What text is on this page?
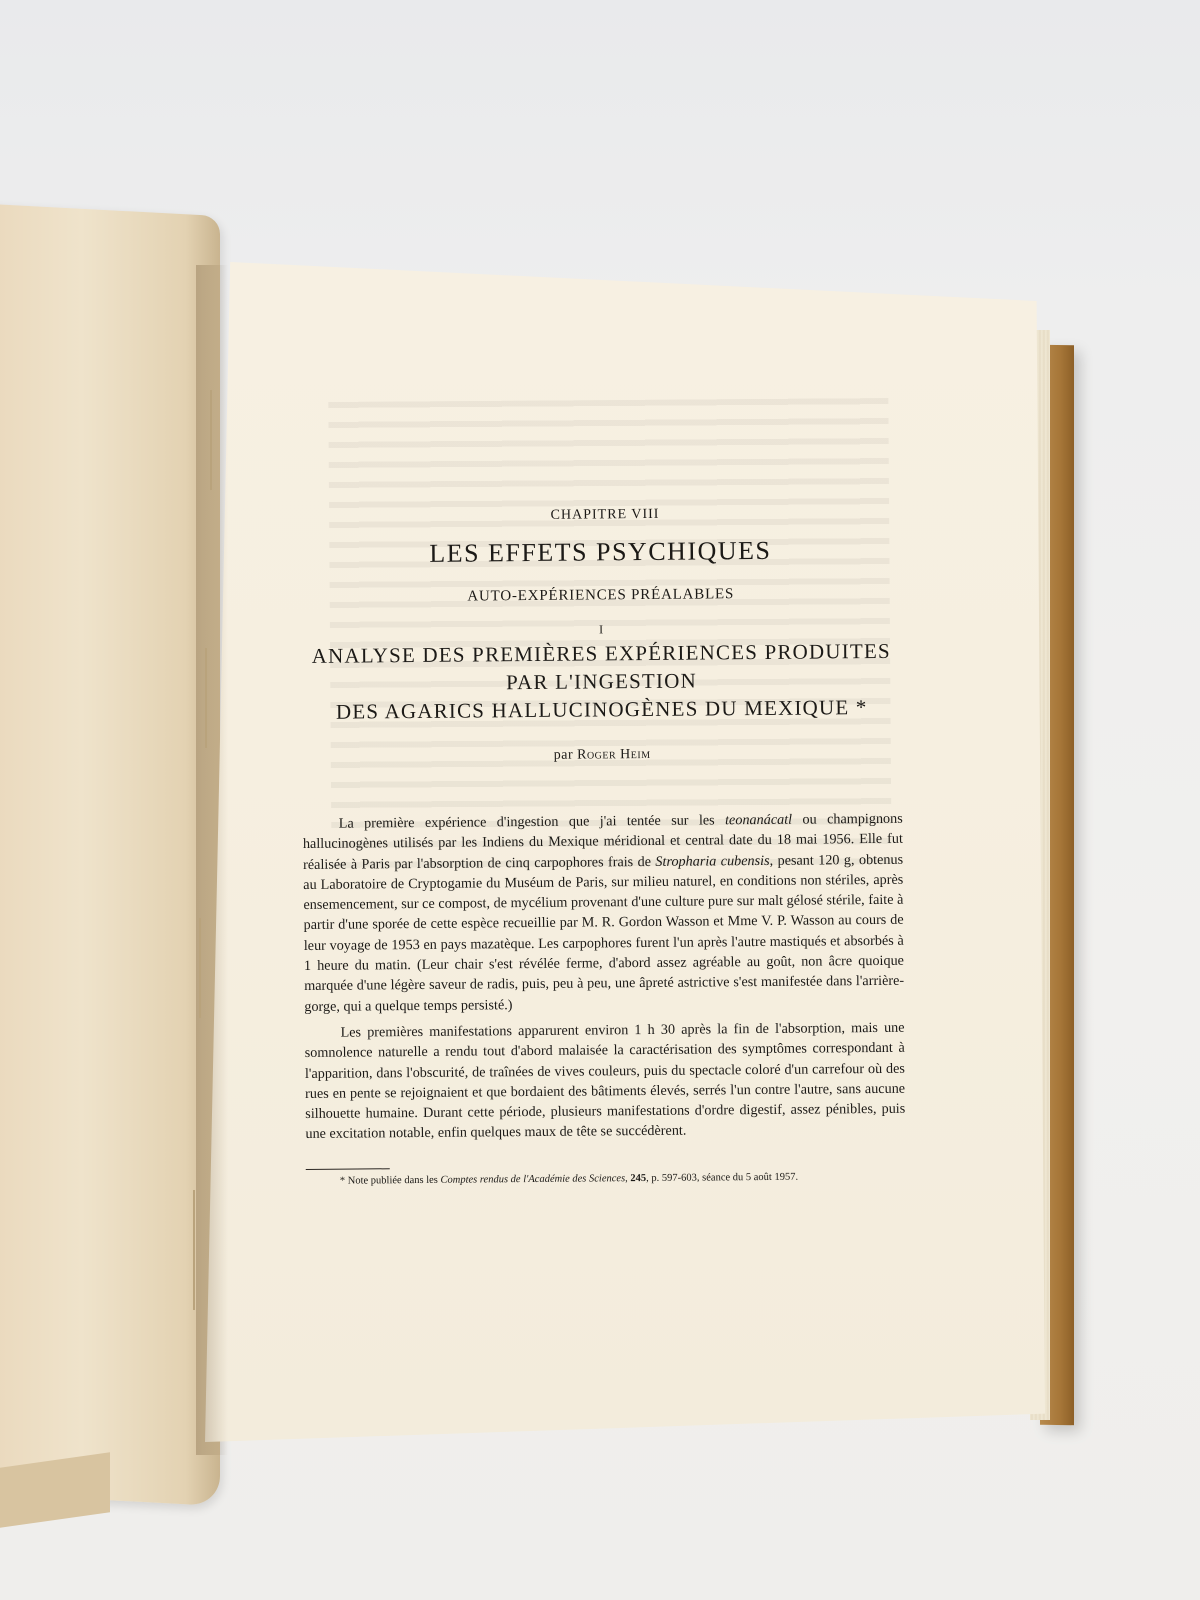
CHAPITRE VIII
LES EFFETS PSYCHIQUES
AUTO-EXPÉRIENCES PRÉALABLES
I
ANALYSE DES PREMIÈRES EXPÉRIENCES PRODUITES
PAR L'INGESTION
DES AGARICS HALLUCINOGÈNES DU MEXIQUE *
par Roger Heim

La première expérience d'ingestion que j'ai tentée sur les teonanácatl ou champignons hallucinogènes utilisés par les Indiens du Mexique méridional et central date du 18 mai 1956. Elle fut réalisée à Paris par l'absorption de cinq carpophores frais de Stropharia cubensis, pesant 120 g, obtenus au Laboratoire de Cryptogamie du Muséum de Paris, sur milieu naturel, en conditions non stériles, après ensemencement, sur ce compost, de mycélium provenant d'une culture pure sur malt gélosé stérile, faite à partir d'une sporée de cette espèce recueillie par M. R. Gordon Wasson et Mme V. P. Wasson au cours de leur voyage de 1953 en pays mazatèque. Les carpophores furent l'un après l'autre mastiqués et absorbés à 1 heure du matin. (Leur chair s'est révélée ferme, d'abord assez agréable au goût, non âcre quoique marquée d'une légère saveur de radis, puis, peu à peu, une âpreté astrictive s'est manifestée dans l'arrière-gorge, qui a quelque temps persisté.)

Les premières manifestations apparurent environ 1 h 30 après la fin de l'absorption, mais une somnolence naturelle a rendu tout d'abord malaisée la caractérisation des symptômes correspondant à l'apparition, dans l'obscurité, de traînées de vives couleurs, puis du spectacle coloré d'un carrefour où des rues en pente se rejoignaient et que bordaient des bâtiments élevés, serrés l'un contre l'autre, sans aucune silhouette humaine. Durant cette période, plusieurs manifestations d'ordre digestif, assez pénibles, puis une excitation notable, enfin quelques maux de tête se succédèrent.

* Note publiée dans les Comptes rendus de l'Académie des Sciences, 245, p. 597-603, séance du 5 août 1957.
